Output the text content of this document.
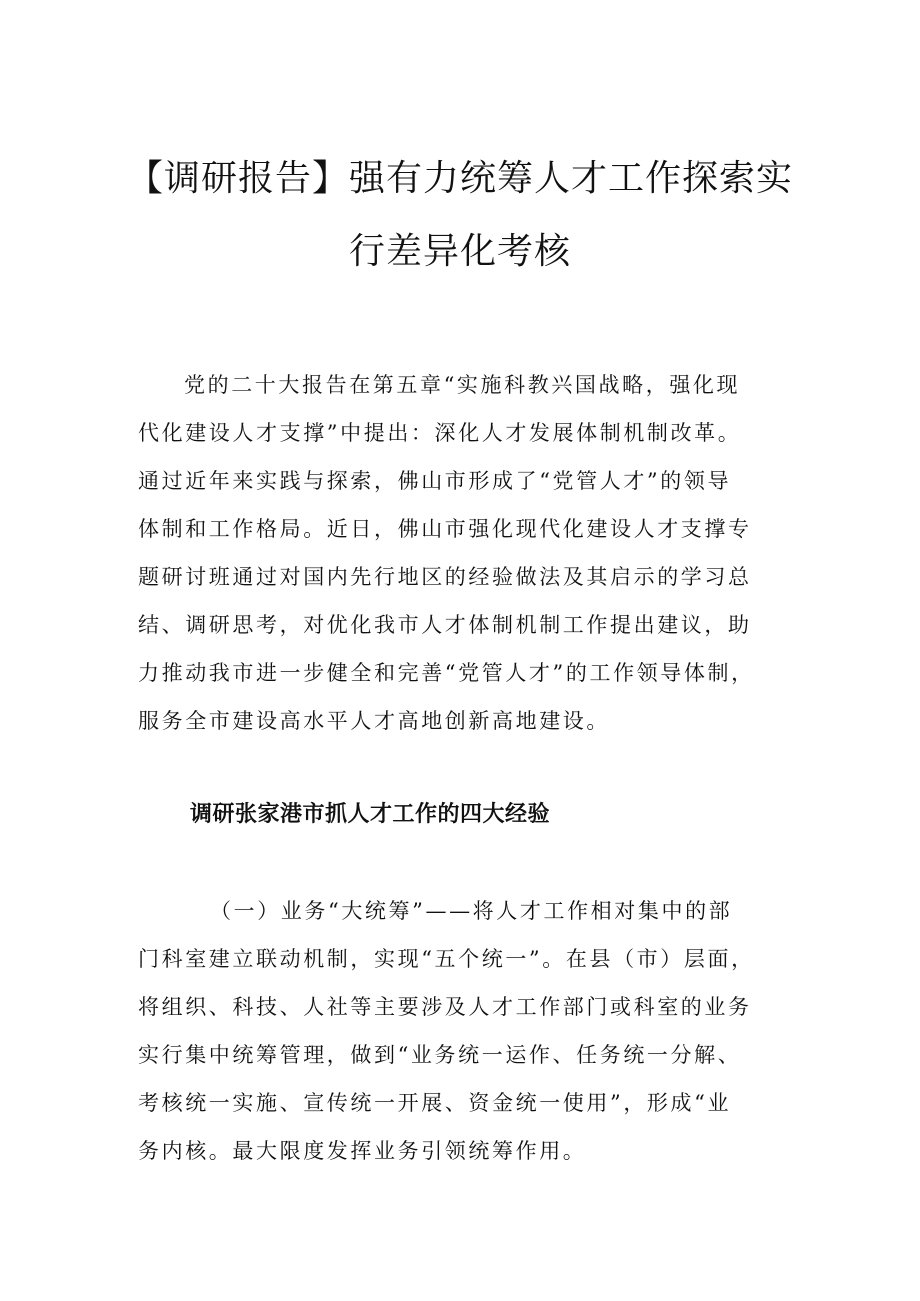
【调研报告】强有力统筹人才工作探索实
行差异化考核

党的二十大报告在第五章“实施科教兴国战略，强化现

代化建设人才支撑”中提出：深化人才发展体制机制改革。

通过近年来实践与探索，佛山市形成了“党管人才”的领导

体制和工作格局。近日，佛山市强化现代化建设人才支撑专

题研讨班通过对国内先行地区的经验做法及其启示的学习总

结、调研思考，对优化我市人才体制机制工作提出建议，助

力推动我市进一步健全和完善“党管人才”的工作领导体制，

服务全市建设高水平人才高地创新高地建设。

调研张家港市抓人才工作的四大经验

（一）业务“大统筹”——将人才工作相对集中的部

门科室建立联动机制，实现“五个统一”。在县（市）层面，

将组织、科技、人社等主要涉及人才工作部门或科室的业务

实行集中统筹管理，做到“业务统一运作、任务统一分解、

考核统一实施、宣传统一开展、资金统一使用”，形成“业

务内核。最大限度发挥业务引领统筹作用。
